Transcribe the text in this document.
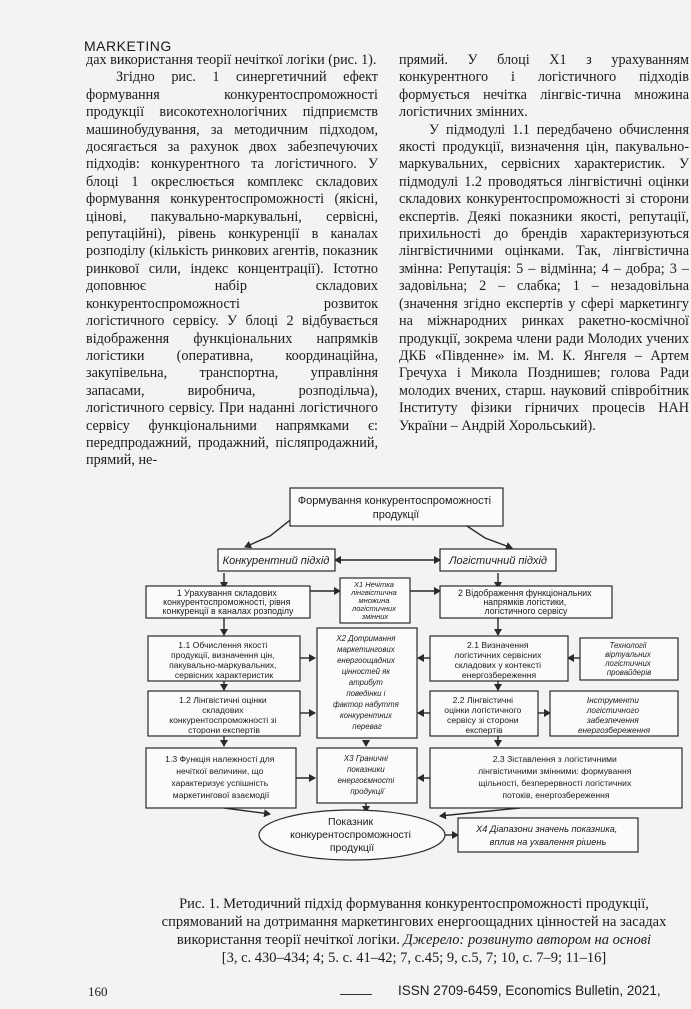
MARKETING

дах використання теорії нечіткої логіки (рис. 1).

Згідно рис. 1 синергетичний ефект формування конкурентоспроможності продукції високотехнологічних підприємств машинобудування, за методичним підходом, досягається за рахунок двох забезпечуючих підходів: конкурентного та логістичного. У блоці 1 окреслюється комплекс складових формування конкурентоспроможності (якісні, цінові, пакувально-маркувальні, сервісні, репутаційні), рівень конкуренції в каналах розподілу (кількість ринкових агентів, показник ринкової сили, індекс концентрації). Істотно доповнює набір складових конкурентоспроможності розвиток логістичного сервісу. У блоці 2 відбувається відображення функціональних напрямків логістики (оперативна, координаційна, закупівельна, транспортна, управління запасами, виробнича, розподільча), логістичного сервісу. При наданні логістичного сервісу функціональними напрямками є: передпродажний, продажний, післяпродажний, прямий, не-

прямий. У блоці Х1 з урахуванням конкурентного і логістичного підходів формується нечітка лінгвіс-тична множина логістичних змінних.

У підмодулі 1.1 передбачено обчислення якості продукції, визначення цін, пакувально-маркувальних, сервісних характеристик. У підмодулі 1.2 проводяться лінгвістичні оцінки складових конкурентоспроможності зі сторони експертів. Деякі показники якості, репутації, прихильності до брендів характеризуються лінгвістичними оцінками. Так, лінгвістична змінна: Репутація: 5 – відмінна; 4 – добра; 3 – задовільна; 2 – слабка; 1 – незадовільна (значення згідно експертів у сфері маркетингу на міжнародних ринках ракетно-космічної продукції, зокрема члени ради Молодих учених ДКБ «Південне» ім. М. К. Янгеля – Артем Гречуха і Микола Позднишев; голова Ради молодих вчених, старш. науковий співробітник Інституту фізики гірничих процесів НАН України – Андрій Хорольський).

Формування конкурентоспроможності продукції
Конкурентний підхід	Логістичний підхід
1 Урахування складових конкурентоспроможності, рівня конкуренції в каналах розподілу
Х1 Нечітка лінгвістична множина логістичних змінних
2 Відображення функціональних напрямків логістики, логістичного сервісу
1.1 Обчислення якості продукції, визначення цін, пакувально-маркувальних, сервісних характеристик
Х2 Дотримання маркетингових енергоощадних цінностей як атрибут поведінки і фактор набуття конкурентних переваг
2.1 Визначення логістичних сервісних складових у контексті енергозбереження
Технології віртуальних логістичних провайдерів
1.2 Лінгвістичні оцінки складових конкурентоспроможності зі сторони експертів
2.2 Лінгвістичні оцінки логістичного сервісу зі сторони експертів
Інструменти логістичного забезпечення енергозбереження
1.3 Функція належності для нечіткої величини, що характеризує успішність маркетингової взаємодії
Х3 Граничні показники енергоємності продукції
2.3 Зіставлення з логістичними лінгвістичними змінними: формування щільності, безперервності логістичних потоків, енергозбереження
Показник конкурентоспроможності продукції
Х4 Діапазони значень показника, вплив на ухвалення рішень
Рис. 1. Методичний підхід формування конкурентоспроможності продукції, спрямований на дотримання маркетингових енергоощадних цінностей на засадах використання теорії нечіткої логіки. Джерело: розвинуто автором на основі
[3, с. 430–434; 4; 5. с. 41–42; 7, с.45; 9, с.5, 7; 10, с. 7–9; 11–16]
160	ISSN 2709-6459, Economics Bulletin, 2021,
